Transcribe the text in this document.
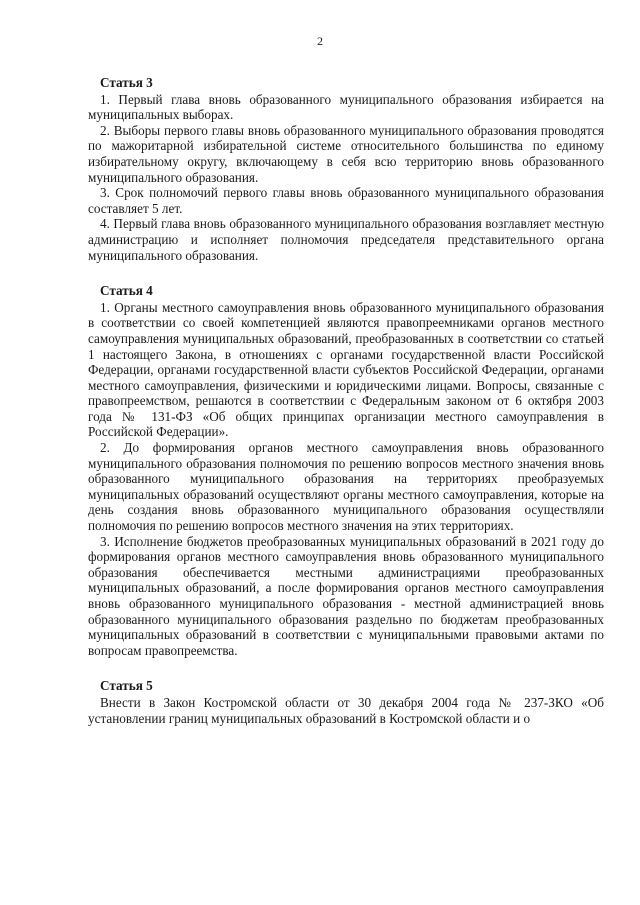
2
Статья 3

1. Первый глава вновь образованного муниципального образования избирается на муниципальных выборах.

2. Выборы первого главы вновь образованного муниципального образования проводятся по мажоритарной избирательной системе относительного большинства по единому избирательному округу, включающему в себя всю территорию вновь образованного муниципального образования.

3. Срок полномочий первого главы вновь образованного муниципального образования составляет 5 лет.

4. Первый глава вновь образованного муниципального образования возглавляет местную администрацию и исполняет полномочия председателя представительного органа муниципального образования.

Статья 4

1. Органы местного самоуправления вновь образованного муниципального образования в соответствии со своей компетенцией являются правопреемниками органов местного самоуправления муниципальных образований, преобразованных в соответствии со статьей 1 настоящего Закона, в отношениях с органами государственной власти Российской Федерации, органами государственной власти субъектов Российской Федерации, органами местного самоуправления, физическими и юридическими лицами. Вопросы, связанные с правопреемством, решаются в соответствии с Федеральным законом от 6 октября 2003 года № 131-ФЗ «Об общих принципах организации местного самоуправления в Российской Федерации».

2. До формирования органов местного самоуправления вновь образованного муниципального образования полномочия по решению вопросов местного значения вновь образованного муниципального образования на территориях преобразуемых муниципальных образований осуществляют органы местного самоуправления, которые на день создания вновь образованного муниципального образования осуществляли полномочия по решению вопросов местного значения на этих территориях.

3. Исполнение бюджетов преобразованных муниципальных образований в 2021 году до формирования органов местного самоуправления вновь образованного муниципального образования обеспечивается местными администрациями преобразованных муниципальных образований, а после формирования органов местного самоуправления вновь образованного муниципального образования - местной администрацией вновь образованного муниципального образования раздельно по бюджетам преобразованных муниципальных образований в соответствии с муниципальными правовыми актами по вопросам правопреемства.

Статья 5

Внести в Закон Костромской области от 30 декабря 2004 года № 237-ЗКО «Об установлении границ муниципальных образований в Костромской области и о
